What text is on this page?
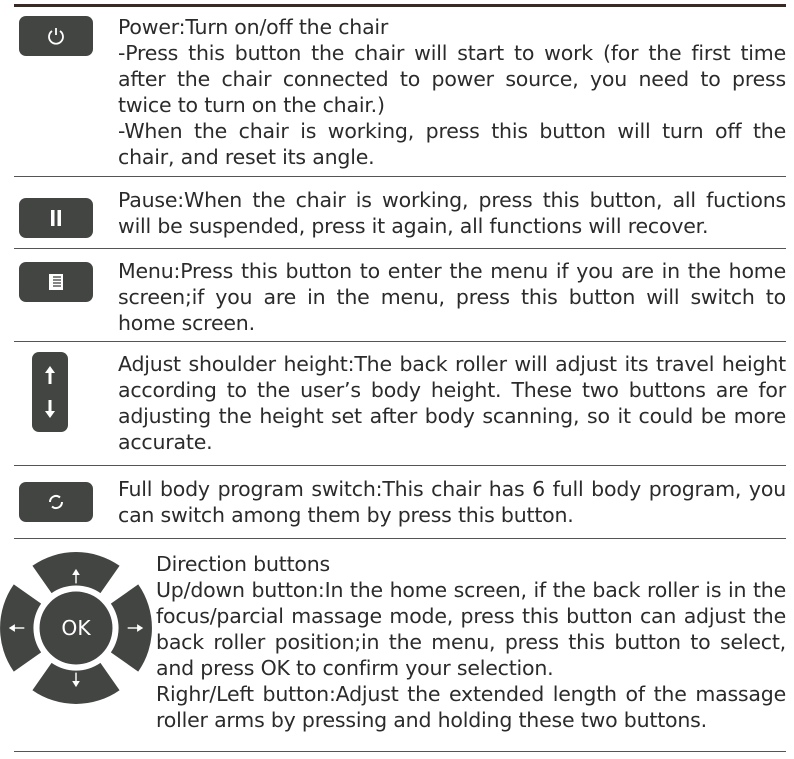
Power:Turn on/off the chair
-Press this button the chair will start to work (for the first time after the chair connected to power source, you need to press twice to turn on the chair.)
-When the chair is working, press this button will turn off the chair, and reset its angle.
Pause:When the chair is working, press this button, all fuctions will be suspended, press it again, all functions will recover.
Menu:Press this button to enter the menu if you are in the home screen;if you are in the menu, press this button will switch to home screen.
Adjust shoulder height:The back roller will adjust its travel height according to the user’s body height. These two buttons are for adjusting the height set after body scanning, so it could be more accurate.
Full body program switch:This chair has 6 full body program, you can switch among them by press this button.
OK
Direction buttons
Up/down button:In the home screen, if the back roller is in the focus/parcial massage mode, press this button can adjust the back roller position;in the menu, press this button to select, and press OK to confirm your selection.
Righr/Left button:Adjust the extended length of the massage roller arms by pressing and holding these two buttons.
